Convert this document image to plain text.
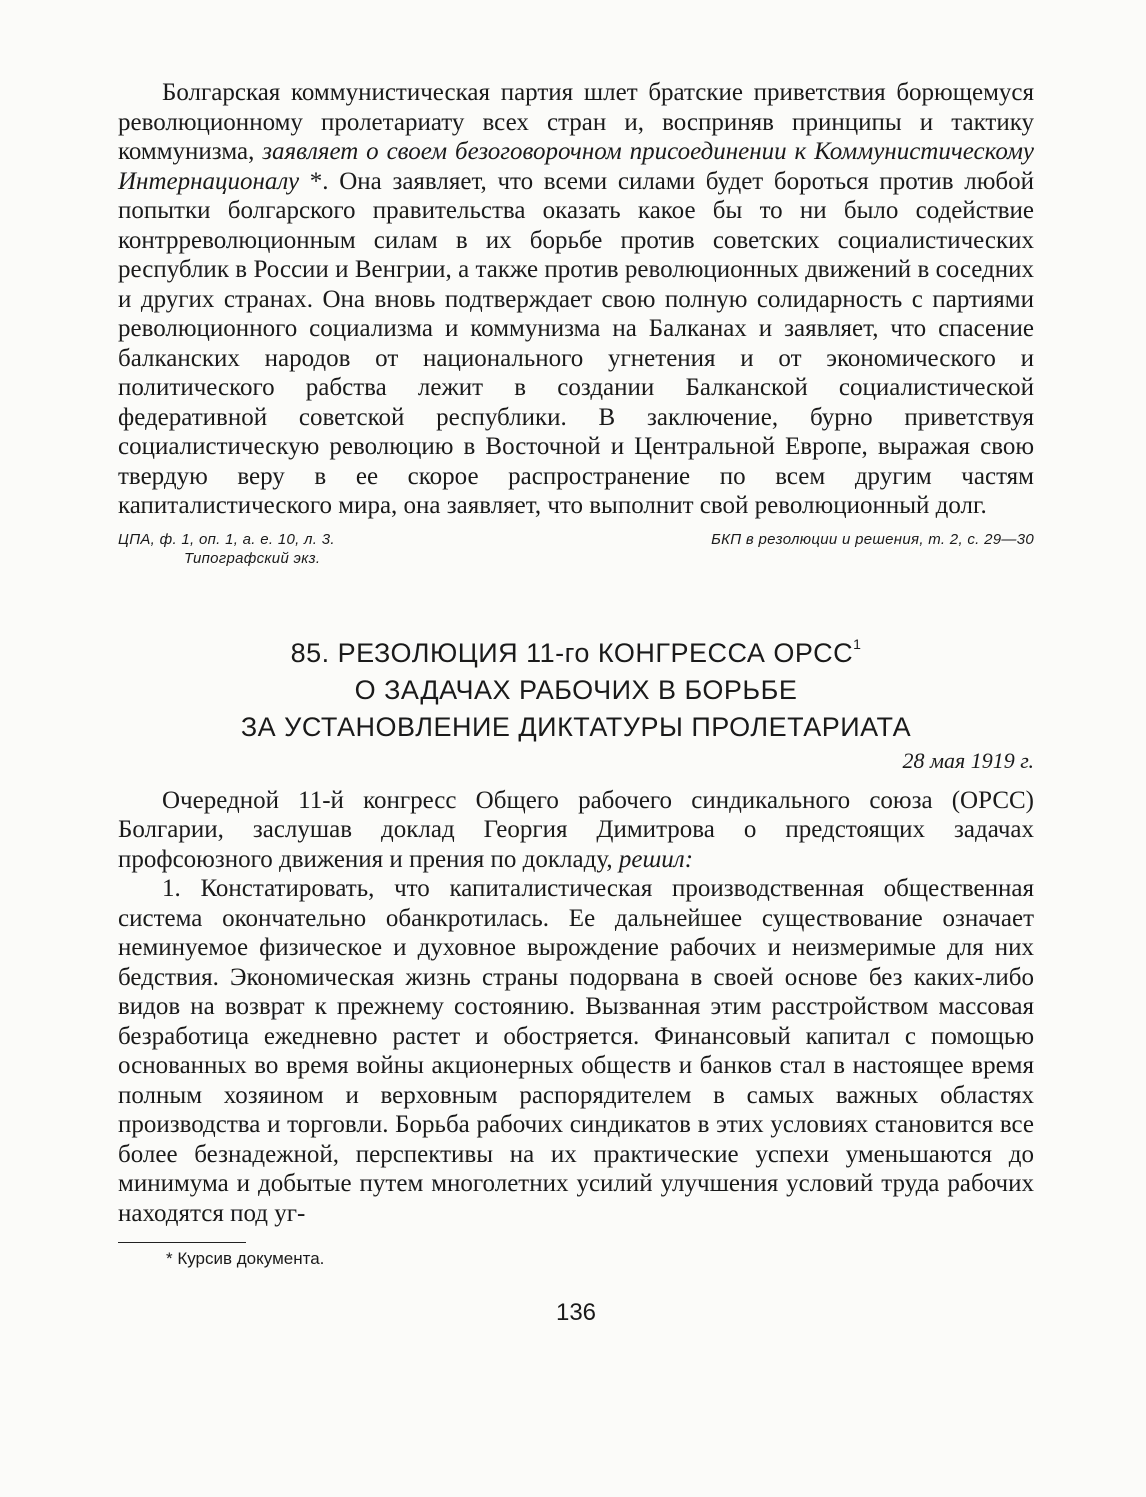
Болгарская коммунистическая партия шлет братские приветствия борющемуся революционному пролетариату всех стран и, восприняв принципы и тактику коммунизма, заявляет о своем безоговорочном присоединении к Коммунистическому Интернационалу *. Она заявляет, что всеми силами будет бороться против любой попытки болгарского правительства оказать какое бы то ни было содействие контрреволюционным силам в их борьбе против советских социалистических республик в России и Венгрии, а также против революционных движений в соседних и других странах. Она вновь подтверждает свою полную солидарность с партиями революционного социализма и коммунизма на Балканах и заявляет, что спасение балканских народов от национального угнетения и от экономического и политического рабства лежит в создании Балканской социалистической федеративной советской республики. В заключение, бурно приветствуя социалистическую революцию в Восточной и Центральной Европе, выражая свою твердую веру в ее скорое распространение по всем другим частям капиталистического мира, она заявляет, что выполнит свой революционный долг.

ЦПА, ф. 1, оп. 1, а. е. 10, л. 3.	БКП в резолюции и решения, т. 2, с. 29—30
Типографский экз.
85. РЕЗОЛЮЦИЯ 11-го КОНГРЕССА ОРСС$^1$
О ЗАДАЧАХ РАБОЧИХ В БОРЬБЕ
ЗА УСТАНОВЛЕНИЕ ДИКТАТУРЫ ПРОЛЕТАРИАТА
28 мая 1919 г.

Очередной 11-й конгресс Общего рабочего синдикального союза (ОРСС) Болгарии, заслушав доклад Георгия Димитрова о предстоящих задачах профсоюзного движения и прения по докладу, решил:

1. Констатировать, что капиталистическая производственная общественная система окончательно обанкротилась. Ее дальнейшее существование означает неминуемое физическое и духовное вырождение рабочих и неизмеримые для них бедствия. Экономическая жизнь страны подорвана в своей основе без каких-либо видов на возврат к прежнему состоянию. Вызванная этим расстройством массовая безработица ежедневно растет и обостряется. Финансовый капитал с помощью основанных во время войны акционерных обществ и банков стал в настоящее время полным хозяином и верховным распорядителем в самых важных областях производства и торговли. Борьба рабочих синдикатов в этих условиях становится все более безнадежной, перспективы на их практические успехи уменьшаются до минимума и добытые путем многолетних усилий улучшения условий труда рабочих находятся под уг-

* Курсив документа.
136
